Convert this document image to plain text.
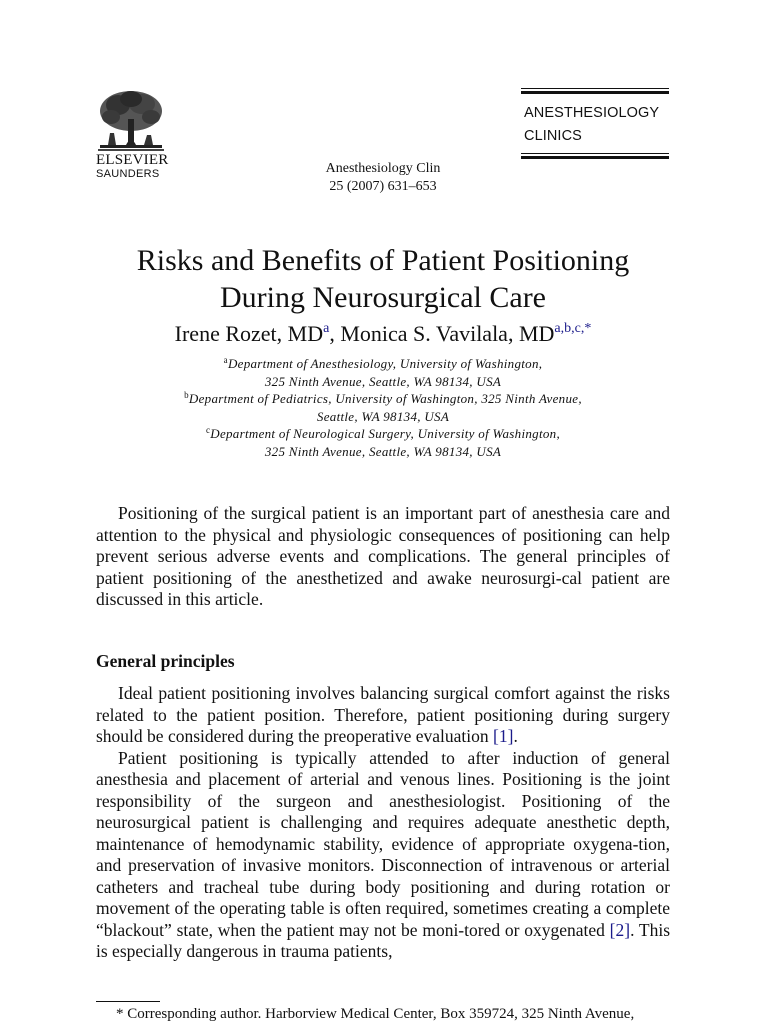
ELSEVIER
SAUNDERS	Anesthesiology Clin
25 (2007) 631–653
ANESTHESIOLOGY
CLINICS
Risks and Benefits of Patient Positioning
During Neurosurgical Care
Irene Rozet, $MD^a$, Monica S. Vavilala, $MD^{a,b,c,*}$
$^a$Department of Anesthesiology, University of Washington,
325 Ninth Avenue, Seattle, WA 98134, USA
$^b$Department of Pediatrics, University of Washington, 325 Ninth Avenue,
Seattle, WA 98134, USA
$^c$Department of Neurological Surgery, University of Washington,
325 Ninth Avenue, Seattle, WA 98134, USA

Positioning of the surgical patient is an important part of anesthesia care and attention to the physical and physiologic consequences of positioning can help prevent serious adverse events and complications. The general principles of patient positioning of the anesthetized and awake neurosurgi-cal patient are discussed in this article.

General principles

Ideal patient positioning involves balancing surgical comfort against the risks related to the patient position. Therefore, patient positioning during surgery should be considered during the preoperative evaluation [1].

Patient positioning is typically attended to after induction of general anesthesia and placement of arterial and venous lines. Positioning is the joint responsibility of the surgeon and anesthesiologist. Positioning of the neurosurgical patient is challenging and requires adequate anesthetic depth, maintenance of hemodynamic stability, evidence of appropriate oxygena-tion, and preservation of invasive monitors. Disconnection of intravenous or arterial catheters and tracheal tube during body positioning and during rotation or movement of the operating table is often required, sometimes creating a complete “blackout” state, when the patient may not be moni-tored or oxygenated [2]. This is especially dangerous in trauma patients,

* Corresponding author. Harborview Medical Center, Box 359724, 325 Ninth Avenue,
